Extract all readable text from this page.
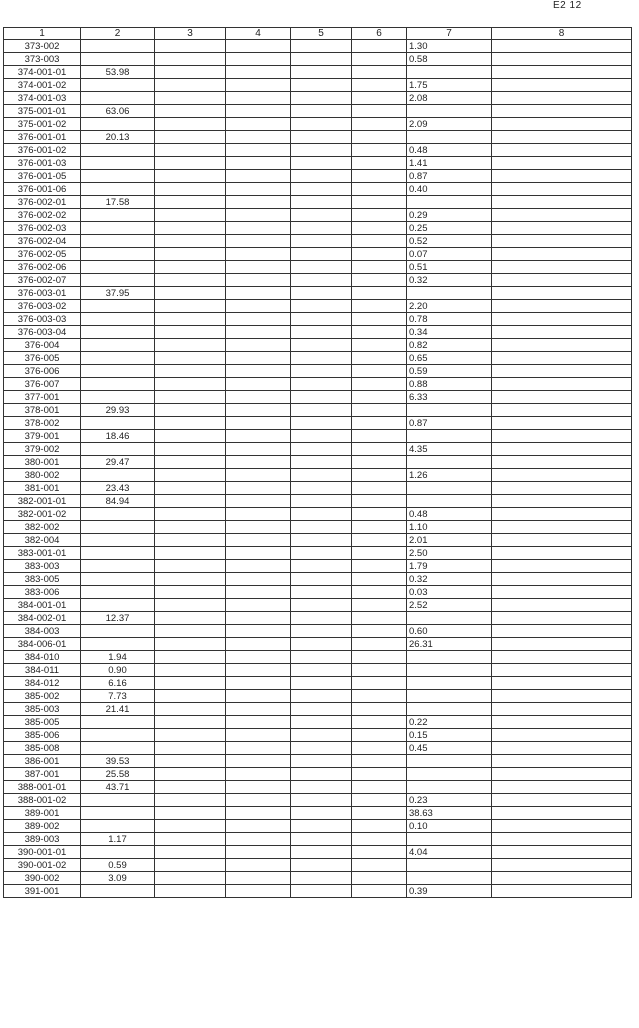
Е2 12
1	2	3	4	5	6	7	8
373-002						1.30	
373-003						0.58	
374-001-01	53.98						
374-001-02						1.75	
374-001-03						2.08	
375-001-01	63.06						
375-001-02						2.09	
376-001-01	20.13						
376-001-02						0.48	
376-001-03						1.41	
376-001-05						0.87	
376-001-06						0.40	
376-002-01	17.58						
376-002-02						0.29	
376-002-03						0.25	
376-002-04						0.52	
376-002-05						0.07	
376-002-06						0.51	
376-002-07						0.32	
376-003-01	37.95						
376-003-02						2.20	
376-003-03						0.78	
376-003-04						0.34	
376-004						0.82	
376-005						0.65	
376-006						0.59	
376-007						0.88	
377-001						6.33	
378-001	29.93						
378-002						0.87	
379-001	18.46						
379-002						4.35	
380-001	29.47						
380-002						1.26	
381-001	23.43						
382-001-01	84.94						
382-001-02						0.48	
382-002						1.10	
382-004						2.01	
383-001-01						2.50	
383-003						1.79	
383-005						0.32	
383-006						0.03	
384-001-01						2.52	
384-002-01	12.37						
384-003						0.60	
384-006-01						26.31	
384-010	1.94						
384-011	0.90						
384-012	6.16						
385-002	7.73						
385-003	21.41						
385-005						0.22	
385-006						0.15	
385-008						0.45	
386-001	39.53						
387-001	25.58						
388-001-01	43.71						
388-001-02						0.23	
389-001						38.63	
389-002						0.10	
389-003	1.17						
390-001-01						4.04	
390-001-02	0.59						
390-002	3.09						
391-001						0.39	
